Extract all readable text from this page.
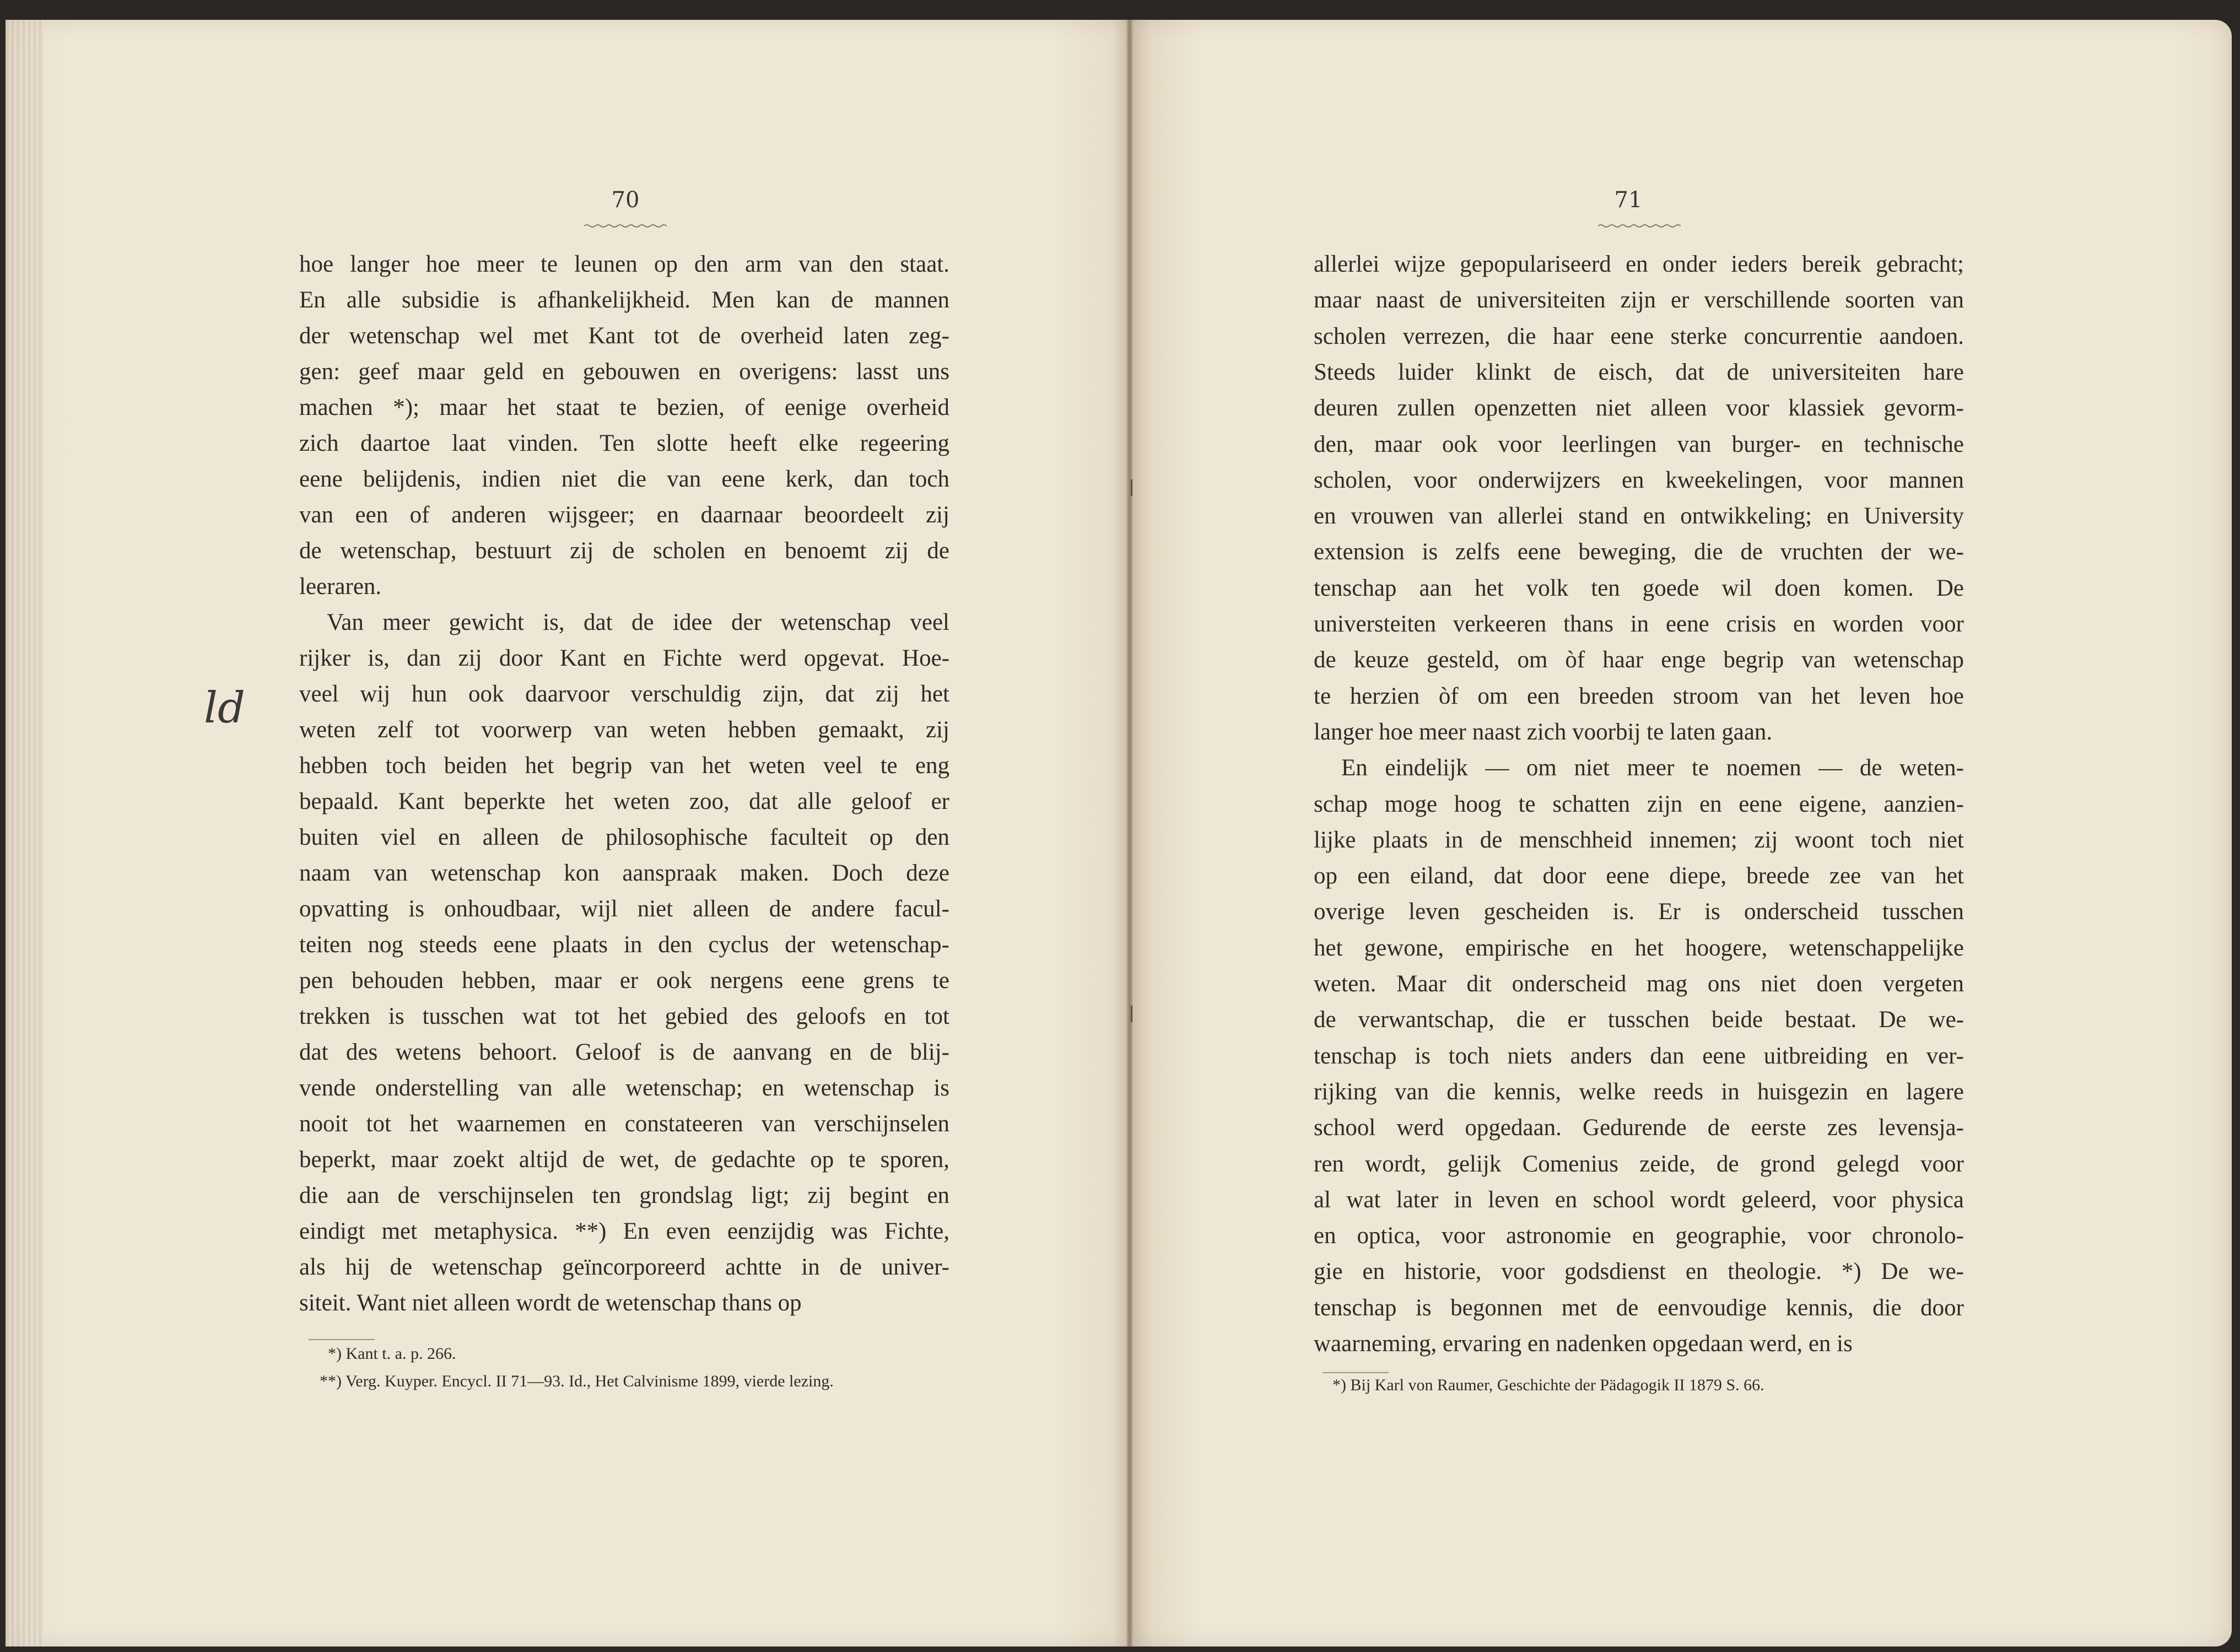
70	71
hoe langer hoe meer te leunen op den arm van den staat.
En alle subsidie is afhankelijkheid. Men kan de mannen
der wetenschap wel met Kant tot de overheid laten zeg-
gen: geef maar geld en gebouwen en overigens: lasst uns
machen *); maar het staat te bezien, of eenige overheid
zich daartoe laat vinden. Ten slotte heeft elke regeering
eene belijdenis, indien niet die van eene kerk, dan toch
van een of anderen wijsgeer; en daarnaar beoordeelt zij
de wetenschap, bestuurt zij de scholen en benoemt zij de
leeraren.
Van meer gewicht is, dat de idee der wetenschap veel
rijker is, dan zij door Kant en Fichte werd opgevat. Hoe-
veel wij hun ook daarvoor verschuldig zijn, dat zij het
weten zelf tot voorwerp van weten hebben gemaakt, zij
hebben toch beiden het begrip van het weten veel te eng
bepaald. Kant beperkte het weten zoo, dat alle geloof er
buiten viel en alleen de philosophische faculteit op den
naam van wetenschap kon aanspraak maken. Doch deze
opvatting is onhoudbaar, wijl niet alleen de andere facul-
teiten nog steeds eene plaats in den cyclus der wetenschap-
pen behouden hebben, maar er ook nergens eene grens te
trekken is tusschen wat tot het gebied des geloofs en tot
dat des wetens behoort. Geloof is de aanvang en de blij-
vende onderstelling van alle wetenschap; en wetenschap is
nooit tot het waarnemen en constateeren van verschijnselen
beperkt, maar zoekt altijd de wet, de gedachte op te sporen,
die aan de verschijnselen ten grondslag ligt; zij begint en
eindigt met metaphysica. **) En even eenzijdig was Fichte,
als hij de wetenschap geïncorporeerd achtte in de univer-
siteit. Want niet alleen wordt de wetenschap thans op
allerlei wijze gepopulariseerd en onder ieders bereik gebracht;
maar naast de universiteiten zijn er verschillende soorten van
scholen verrezen, die haar eene sterke concurrentie aandoen.
Steeds luider klinkt de eisch, dat de universiteiten hare
deuren zullen openzetten niet alleen voor klassiek gevorm-
den, maar ook voor leerlingen van burger- en technische
scholen, voor onderwijzers en kweekelingen, voor mannen
en vrouwen van allerlei stand en ontwikkeling; en University
extension is zelfs eene beweging, die de vruchten der we-
tenschap aan het volk ten goede wil doen komen. De
universteiten verkeeren thans in eene crisis en worden voor
de keuze gesteld, om òf haar enge begrip van wetenschap
te herzien òf om een breeden stroom van het leven hoe
langer hoe meer naast zich voorbij te laten gaan.
En eindelijk — om niet meer te noemen — de weten-
schap moge hoog te schatten zijn en eene eigene, aanzien-
lijke plaats in de menschheid innemen; zij woont toch niet
op een eiland, dat door eene diepe, breede zee van het
overige leven gescheiden is. Er is onderscheid tusschen
het gewone, empirische en het hoogere, wetenschappelijke
weten. Maar dit onderscheid mag ons niet doen vergeten
de verwantschap, die er tusschen beide bestaat. De we-
tenschap is toch niets anders dan eene uitbreiding en ver-
rijking van die kennis, welke reeds in huisgezin en lagere
school werd opgedaan. Gedurende de eerste zes levensja-
ren wordt, gelijk Comenius zeide, de grond gelegd voor
al wat later in leven en school wordt geleerd, voor physica
en optica, voor astronomie en geographie, voor chronolo-
gie en historie, voor godsdienst en theologie. *) De we-
tenschap is begonnen met de eenvoudige kennis, die door
waarneming, ervaring en nadenken opgedaan werd, en is
*) Kant t. a. p. 266.
**) Verg. Kuyper. Encycl. II 71—93. Id., Het Calvinisme 1899, vierde lezing.	*) Bij Karl von Raumer, Geschichte der Pädagogik II 1879 S. 66.
ld
